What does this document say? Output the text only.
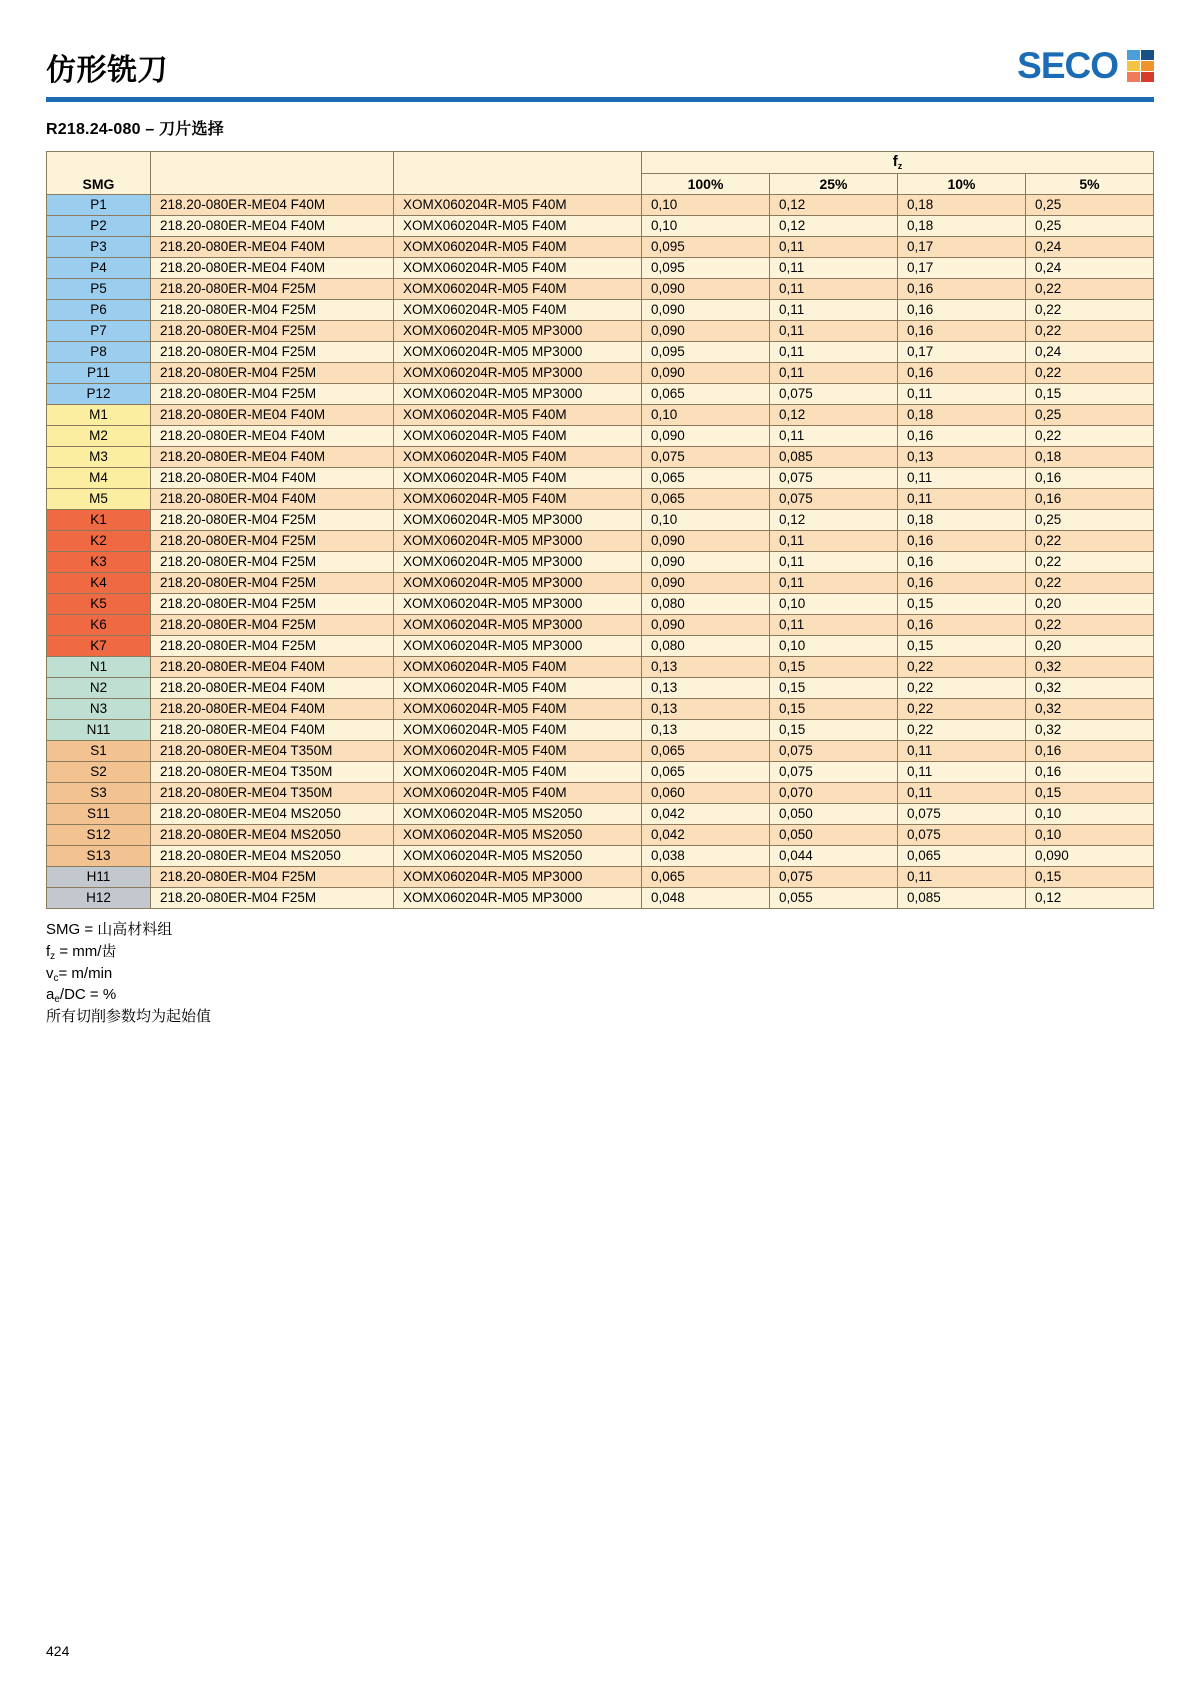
仿形铣刀	SECO
R218.24-080 – 刀片选择
SMG			$f_z$
			100%	25%	10%	5%
P1	218.20-080ER-ME04 F40M	XOMX060204R-M05 F40M	0,10	0,12	0,18	0,25
P2	218.20-080ER-ME04 F40M	XOMX060204R-M05 F40M	0,10	0,12	0,18	0,25
P3	218.20-080ER-ME04 F40M	XOMX060204R-M05 F40M	0,095	0,11	0,17	0,24
P4	218.20-080ER-ME04 F40M	XOMX060204R-M05 F40M	0,095	0,11	0,17	0,24
P5	218.20-080ER-M04 F25M	XOMX060204R-M05 F40M	0,090	0,11	0,16	0,22
P6	218.20-080ER-M04 F25M	XOMX060204R-M05 F40M	0,090	0,11	0,16	0,22
P7	218.20-080ER-M04 F25M	XOMX060204R-M05 MP3000	0,090	0,11	0,16	0,22
P8	218.20-080ER-M04 F25M	XOMX060204R-M05 MP3000	0,095	0,11	0,17	0,24
P11	218.20-080ER-M04 F25M	XOMX060204R-M05 MP3000	0,090	0,11	0,16	0,22
P12	218.20-080ER-M04 F25M	XOMX060204R-M05 MP3000	0,065	0,075	0,11	0,15
M1	218.20-080ER-ME04 F40M	XOMX060204R-M05 F40M	0,10	0,12	0,18	0,25
M2	218.20-080ER-ME04 F40M	XOMX060204R-M05 F40M	0,090	0,11	0,16	0,22
M3	218.20-080ER-ME04 F40M	XOMX060204R-M05 F40M	0,075	0,085	0,13	0,18
M4	218.20-080ER-M04 F40M	XOMX060204R-M05 F40M	0,065	0,075	0,11	0,16
M5	218.20-080ER-M04 F40M	XOMX060204R-M05 F40M	0,065	0,075	0,11	0,16
K1	218.20-080ER-M04 F25M	XOMX060204R-M05 MP3000	0,10	0,12	0,18	0,25
K2	218.20-080ER-M04 F25M	XOMX060204R-M05 MP3000	0,090	0,11	0,16	0,22
K3	218.20-080ER-M04 F25M	XOMX060204R-M05 MP3000	0,090	0,11	0,16	0,22
K4	218.20-080ER-M04 F25M	XOMX060204R-M05 MP3000	0,090	0,11	0,16	0,22
K5	218.20-080ER-M04 F25M	XOMX060204R-M05 MP3000	0,080	0,10	0,15	0,20
K6	218.20-080ER-M04 F25M	XOMX060204R-M05 MP3000	0,090	0,11	0,16	0,22
K7	218.20-080ER-M04 F25M	XOMX060204R-M05 MP3000	0,080	0,10	0,15	0,20
N1	218.20-080ER-ME04 F40M	XOMX060204R-M05 F40M	0,13	0,15	0,22	0,32
N2	218.20-080ER-ME04 F40M	XOMX060204R-M05 F40M	0,13	0,15	0,22	0,32
N3	218.20-080ER-ME04 F40M	XOMX060204R-M05 F40M	0,13	0,15	0,22	0,32
N11	218.20-080ER-ME04 F40M	XOMX060204R-M05 F40M	0,13	0,15	0,22	0,32
S1	218.20-080ER-ME04 T350M	XOMX060204R-M05 F40M	0,065	0,075	0,11	0,16
S2	218.20-080ER-ME04 T350M	XOMX060204R-M05 F40M	0,065	0,075	0,11	0,16
S3	218.20-080ER-ME04 T350M	XOMX060204R-M05 F40M	0,060	0,070	0,11	0,15
S11	218.20-080ER-ME04 MS2050	XOMX060204R-M05 MS2050	0,042	0,050	0,075	0,10
S12	218.20-080ER-ME04 MS2050	XOMX060204R-M05 MS2050	0,042	0,050	0,075	0,10
S13	218.20-080ER-ME04 MS2050	XOMX060204R-M05 MS2050	0,038	0,044	0,065	0,090
H11	218.20-080ER-M04 F25M	XOMX060204R-M05 MP3000	0,065	0,075	0,11	0,15
H12	218.20-080ER-M04 F25M	XOMX060204R-M05 MP3000	0,048	0,055	0,085	0,12
SMG = 山高材料组
$f_z = mm/$齿
$v_c= m/\min$
$a_e/DC$ = %
所有切削参数均为起始值
424
